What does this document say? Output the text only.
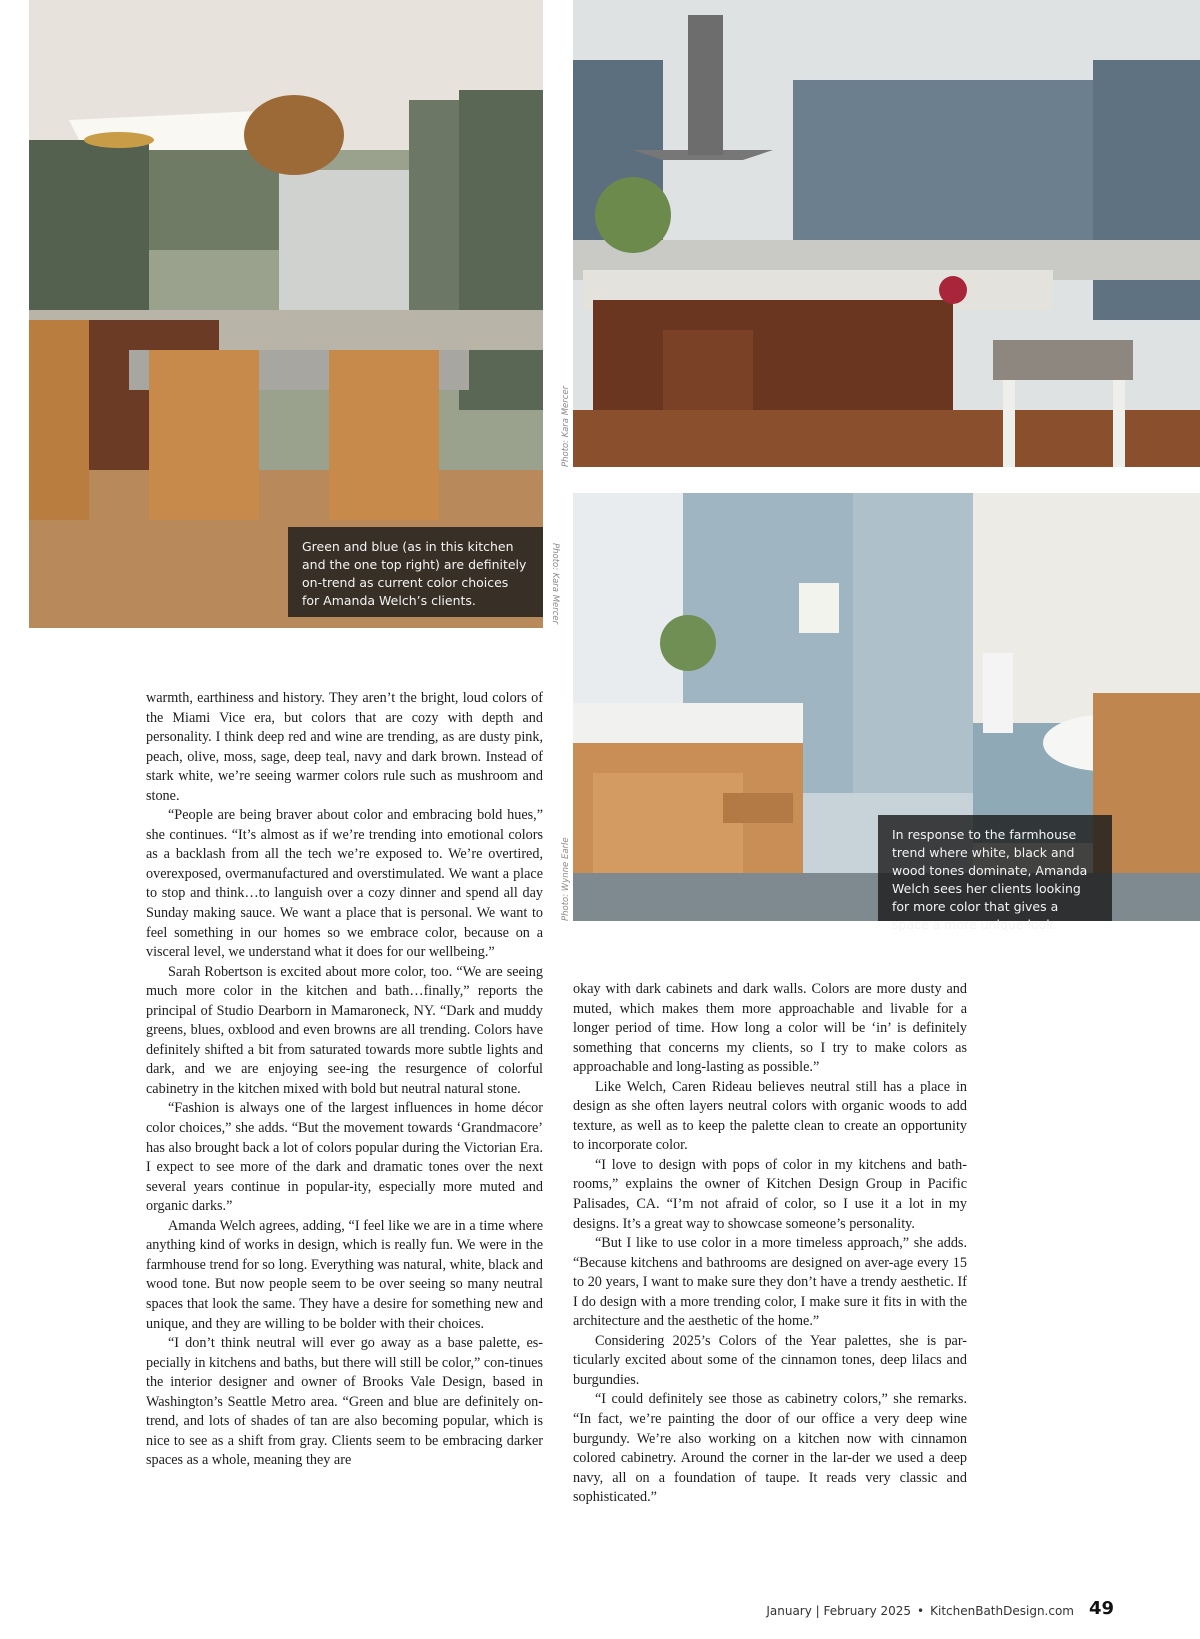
Green and blue (as in this kitchen and the one top right) are definitely on-trend as current color choices for Amanda Welch’s clients.	Photo: Kara Mercer
Photo: Kara Mercer
In response to the farmhouse trend where white, black and wood tones dominate, Amanda Welch sees her clients looking for more color that gives a space a more unique look.
Photo: Wynne Earle

warmth, earthiness and history. They aren’t the bright, loud colors of the Miami Vice era, but colors that are cozy with depth and personality. I think deep red and wine are trending, as are dusty pink, peach, olive, moss, sage, deep teal, navy and dark brown. Instead of stark white, we’re seeing warmer colors rule such as mushroom and stone.

“People are being braver about color and embracing bold hues,” she continues. “It’s almost as if we’re trending into emotional colors as a backlash from all the tech we’re exposed to. We’re overtired, overexposed, overmanufactured and overstimulated. We want a place to stop and think…to languish over a cozy dinner and spend all day Sunday making sauce. We want a place that is personal. We want to feel something in our homes so we embrace color, because on a visceral level, we understand what it does for our wellbeing.”

Sarah Robertson is excited about more color, too. “We are seeing much more color in the kitchen and bath…finally,” reports the principal of Studio Dearborn in Mamaroneck, NY. “Dark and muddy greens, blues, oxblood and even browns are all trending. Colors have definitely shifted a bit from saturated towards more subtle lights and dark, and we are enjoying see-ing the resurgence of colorful cabinetry in the kitchen mixed with bold but neutral natural stone.

“Fashion is always one of the largest influences in home décor color choices,” she adds. “But the movement towards ‘Grandmacore’ has also brought back a lot of colors popular during the Victorian Era. I expect to see more of the dark and dramatic tones over the next several years continue in popular-ity, especially more muted and organic darks.”

Amanda Welch agrees, adding, “I feel like we are in a time where anything kind of works in design, which is really fun. We were in the farmhouse trend for so long. Everything was natural, white, black and wood tone. But now people seem to be over seeing so many neutral spaces that look the same. They have a desire for something new and unique, and they are willing to be bolder with their choices.

“I don’t think neutral will ever go away as a base palette, es-pecially in kitchens and baths, but there will still be color,” con-tinues the interior designer and owner of Brooks Vale Design, based in Washington’s Seattle Metro area. “Green and blue are definitely on-trend, and lots of shades of tan are also becoming popular, which is nice to see as a shift from gray. Clients seem to be embracing darker spaces as a whole, meaning they are

okay with dark cabinets and dark walls. Colors are more dusty and muted, which makes them more approachable and livable for a longer period of time. How long a color will be ‘in’ is definitely something that concerns my clients, so I try to make colors as approachable and long-lasting as possible.”

Like Welch, Caren Rideau believes neutral still has a place in design as she often layers neutral colors with organic woods to add texture, as well as to keep the palette clean to create an opportunity to incorporate color.

“I love to design with pops of color in my kitchens and bath-rooms,” explains the owner of Kitchen Design Group in Pacific Palisades, CA. “I’m not afraid of color, so I use it a lot in my designs. It’s a great way to showcase someone’s personality.

“But I like to use color in a more timeless approach,” she adds. “Because kitchens and bathrooms are designed on aver-age every 15 to 20 years, I want to make sure they don’t have a trendy aesthetic. If I do design with a more trending color, I make sure it fits in with the architecture and the aesthetic of the home.”

Considering 2025’s Colors of the Year palettes, she is par-ticularly excited about some of the cinnamon tones, deep lilacs and burgundies.

“I could definitely see those as cabinetry colors,” she remarks. “In fact, we’re painting the door of our office a very deep wine burgundy. We’re also working on a kitchen now with cinnamon colored cabinetry. Around the corner in the lar-der we used a deep navy, all on a foundation of taupe. It reads very classic and sophisticated.”

January | February 2025 • KitchenBathDesign.com 49
